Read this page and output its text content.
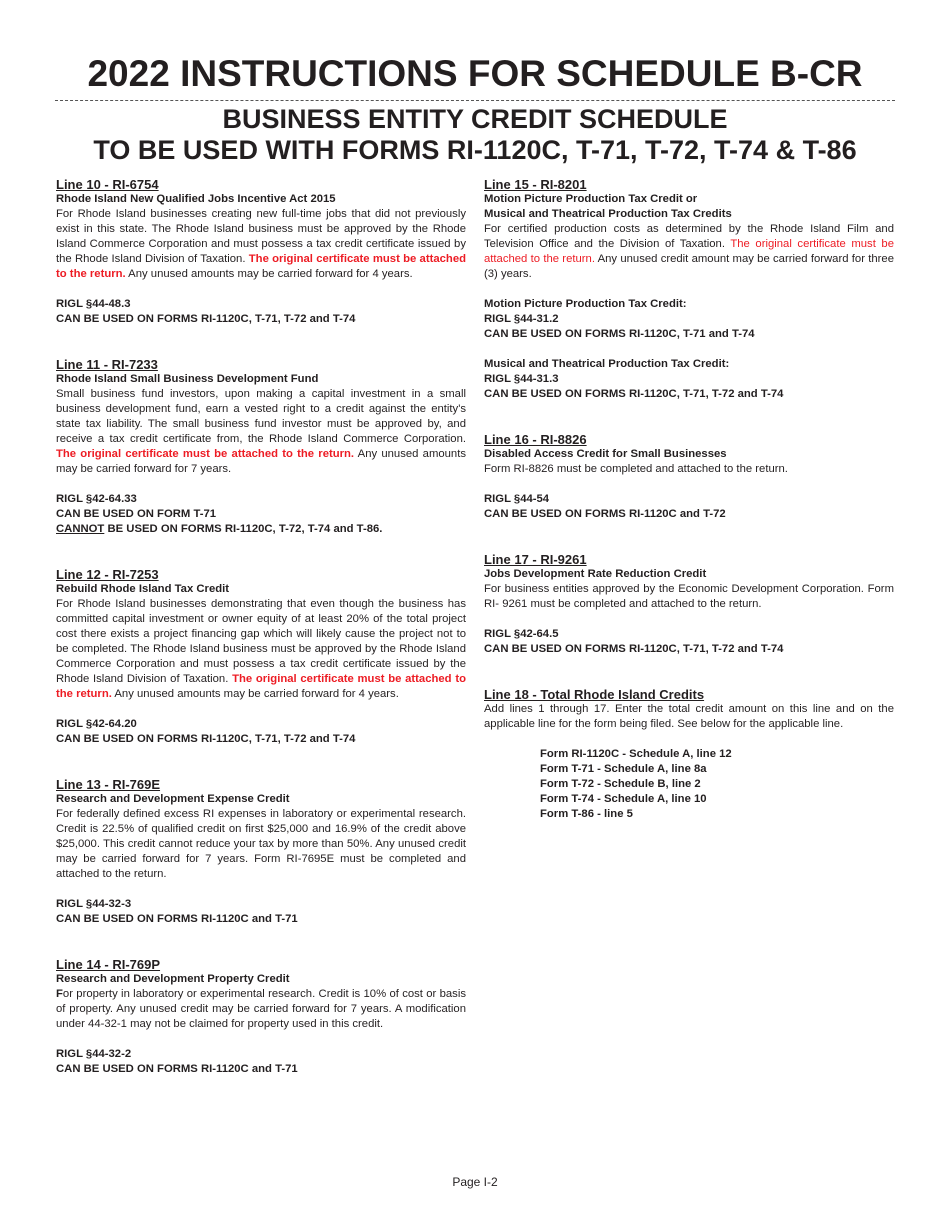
2022 INSTRUCTIONS FOR SCHEDULE B-CR
BUSINESS ENTITY CREDIT SCHEDULE
TO BE USED WITH FORMS RI-1120C, T-71, T-72, T-74 & T-86
Line 10 - RI-6754
Rhode Island New Qualified Jobs Incentive Act 2015
For Rhode Island businesses creating new full-time jobs that did not previously exist in this state. The Rhode Island business must be approved by the Rhode Island Commerce Corporation and must possess a tax credit certificate issued by the Rhode Island Division of Taxation. The original certificate must be attached to the return. Any unused amounts may be carried forward for 4 years.
RIGL §44-48.3
CAN BE USED ON FORMS RI-1120C, T-71, T-72 and T-74
Line 11 - RI-7233
Rhode Island Small Business Development Fund
Small business fund investors, upon making a capital investment in a small business development fund, earn a vested right to a credit against the entity's state tax liability. The small business fund investor must be approved by, and receive a tax credit certificate from, the Rhode Island Commerce Corporation. The original certificate must be attached to the return. Any unused amounts may be carried forward for 7 years.
RIGL §42-64.33
CAN BE USED ON FORM T-71
CANNOT BE USED ON FORMS RI-1120C, T-72, T-74 and T-86.
Line 12 - RI-7253
Rebuild Rhode Island Tax Credit
For Rhode Island businesses demonstrating that even though the business has committed capital investment or owner equity of at least 20% of the total project cost there exists a project financing gap which will likely cause the project not to be completed. The Rhode Island business must be approved by the Rhode Island Commerce Corporation and must possess a tax credit certificate issued by the Rhode Island Division of Taxation. The original certificate must be attached to the return. Any unused amounts may be carried forward for 4 years.
RIGL §42-64.20
CAN BE USED ON FORMS RI-1120C, T-71, T-72 and T-74
Line 13 - RI-769E
Research and Development Expense Credit
For federally defined excess RI expenses in laboratory or experimental research. Credit is 22.5% of qualified credit on first $25,000 and 16.9% of the credit above $25,000. This credit cannot reduce your tax by more than 50%. Any unused credit may be carried forward for 7 years. Form RI-7695E must be completed and attached to the return.
RIGL §44-32-3
CAN BE USED ON FORMS RI-1120C and T-71
Line 14 - RI-769P
Research and Development Property Credit
For property in laboratory or experimental research. Credit is 10% of cost or basis of property. Any unused credit may be carried forward for 7 years. A modification under 44-32-1 may not be claimed for property used in this credit.
RIGL §44-32-2
CAN BE USED ON FORMS RI-1120C and T-71
Line 15 - RI-8201
Motion Picture Production Tax Credit or
Musical and Theatrical Production Tax Credits
For certified production costs as determined by the Rhode Island Film and Television Office and the Division of Taxation. The original certificate must be attached to the return. Any unused credit amount may be carried forward for three (3) years.
Motion Picture Production Tax Credit:
RIGL §44-31.2
CAN BE USED ON FORMS RI-1120C, T-71 and T-74
Musical and Theatrical Production Tax Credit:
RIGL §44-31.3
CAN BE USED ON FORMS RI-1120C, T-71, T-72 and T-74
Line 16 - RI-8826
Disabled Access Credit for Small Businesses
Form RI-8826 must be completed and attached to the return.
RIGL §44-54
CAN BE USED ON FORMS RI-1120C and T-72
Line 17 - RI-9261
Jobs Development Rate Reduction Credit
For business entities approved by the Economic Development Corporation. Form RI- 9261 must be completed and attached to the return.
RIGL §42-64.5
CAN BE USED ON FORMS RI-1120C, T-71, T-72 and T-74
Line 18 - Total Rhode Island Credits
Add lines 1 through 17. Enter the total credit amount on this line and on the applicable line for the form being filed. See below for the applicable line.
Form RI-1120C - Schedule A, line 12
Form T-71 - Schedule A, line 8a
Form T-72 - Schedule B, line 2
Form T-74 - Schedule A, line 10
Form T-86 - line 5
Page I-2
